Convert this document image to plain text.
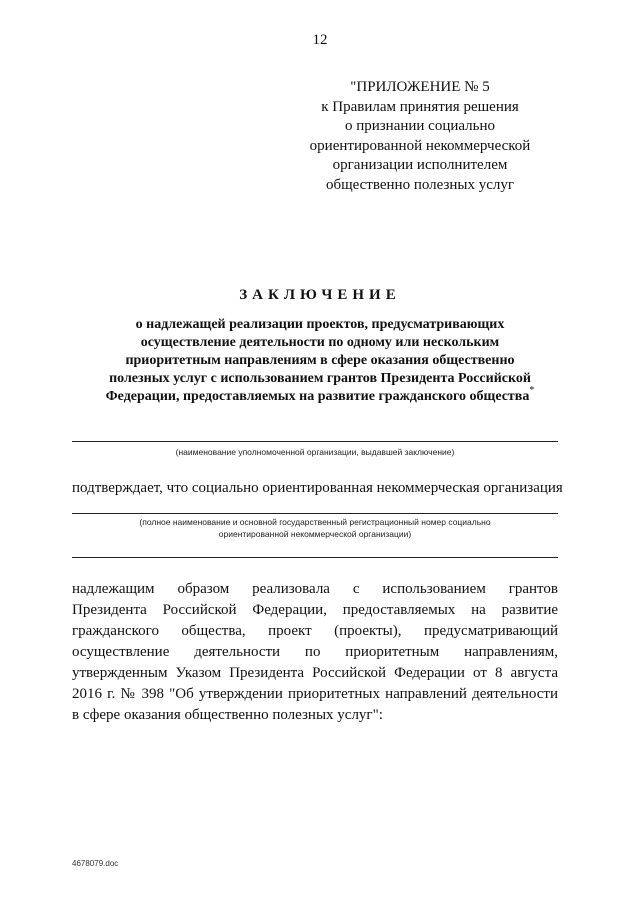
12
"ПРИЛОЖЕНИЕ № 5
к Правилам принятия решения
о признании социально
ориентированной некоммерческой
организации исполнителем
общественно полезных услуг
ЗАКЛЮЧЕНИЕ
о надлежащей реализации проектов, предусматривающих
осуществление деятельности по одному или нескольким
приоритетным направлениям в сфере оказания общественно
полезных услуг с использованием грантов Президента Российской
Федерации, предоставляемых на развитие гражданского общества*
(наименование уполномоченной организации, выдавшей заключение)
подтверждает, что социально ориентированная некоммерческая организация
(полное наименование и основной государственный регистрационный номер социально
ориентированной некоммерческой организации)
надлежащим образом реализовала с использованием грантов
Президента Российской Федерации, предоставляемых на развитие
гражданского общества, проект (проекты), предусматривающий
осуществление деятельности по приоритетным направлениям,
утвержденным Указом Президента Российской Федерации от 8 августа
2016 г. № 398 "Об утверждении приоритетных направлений деятельности
в сфере оказания общественно полезных услуг":
4678079.doc
